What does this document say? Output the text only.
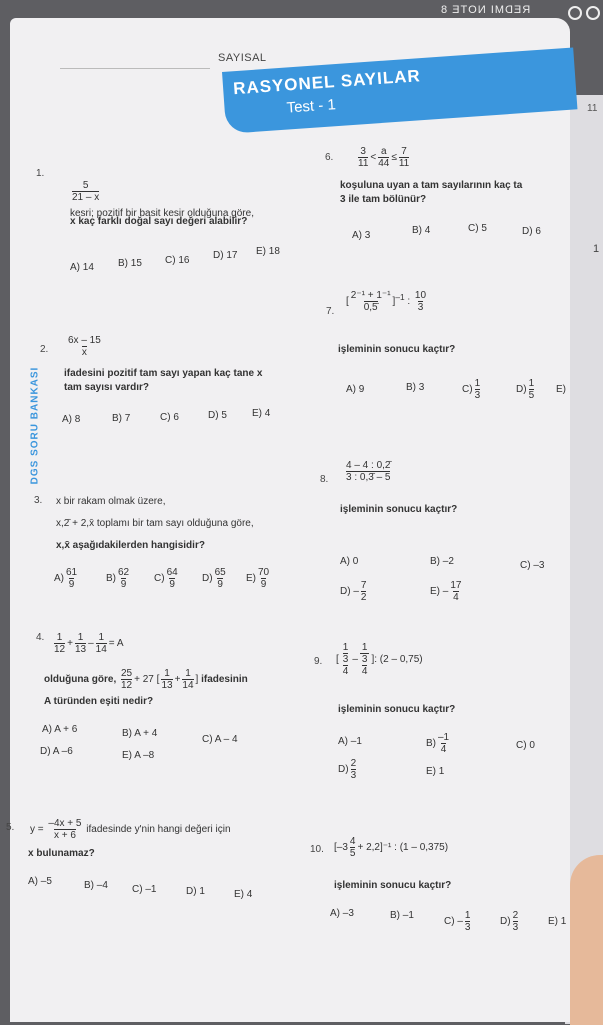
11
1
REDMI NOTE 8
SAYISAL
RASYONEL SAYILAR
Test - 1
DGS SORU BANKASI
1.
$\frac{5}{21 - x}$
kesri; pozitif bir basit kesir olduğuna göre,
x kaç farklı doğal sayı değeri alabilir?
A) 14 B) 15 C) 16 D) 17 E) 18
2. $\frac{6x - 15}{x}$
ifadesini pozitif tam sayı yapan kaç tane x
tam sayısı vardır?
A) 8	B) 7	C) 6	D) 5	E) 4
3. x bir rakam olmak üzere,
x,2̄ + 2,x̄ toplamı bir tam sayı olduğuna göre,
x,x̄ aşağıdakilerden hangisidir?
$A) \frac{61}{9}$	$B) \frac{62}{9} C) \frac{64}{9} D) \frac{65}{9} E) \frac{70}{9}$
4. $\frac{1}{12} + \frac{1}{13} - \frac{1}{14} = A$
olduğuna göre, $\frac{25}{12} + 27$ [ $\frac{1}{13} + \frac{1}{14}$ ] ifadesinin
A türünden eşiti nedir?
A) A + 6	B) A + 4
C) A – 4
D) A –6	E) A –8
5. $y = \frac{-4x + 5}{x + 6}$ ifadesinde y'nin hangi değeri için
x bulunamaz?
A) –5	B) –4 C) –1	D) 1	E) 4
6. $\frac{3}{11} < \frac{a}{44} \le \frac{7}{11}$
koşuluna uyan a tam sayılarının kaç ta
3 ile tam bölünür?
A) 3	B) 4	C) 5	D) 6
7.
[ $\frac{\text{2⁻¹ + 1⁻¹}}{0,5̄} ]^{-1}$ : $\frac{10}{3}$
işleminin sonucu kaçtır?
A) 9	B) 3	$C) \frac{1}{3}$	$D) \frac{1}{5} E$)
8. $\frac{4 - 4 : 0,2̄}{3 : 0,3̄ - 5}$
işleminin sonucu kaçtır?
A) 0	B) –2	C) –3
$D) - \frac{7}{2}$	$E) - \frac{17}{4}$
9. [ $\frac{\frac{1}{3}}{4} - \frac{1}{\frac{3}{4}}$ ]: (2 – 0,75)
işleminin sonucu kaçtır?
A) –1	$B) \frac{-1}{4}$	C) 0
$D) \frac{2}{3}$	E) 1
10. $[-3 \frac{4}{5} + 2,2]^{-1}$ : (1 – 0,375)
işleminin sonucu kaçtır?
A) –3	B) –1
$C) - \frac{1}{3}$	$D) \frac{2}{3}$	E) 1
